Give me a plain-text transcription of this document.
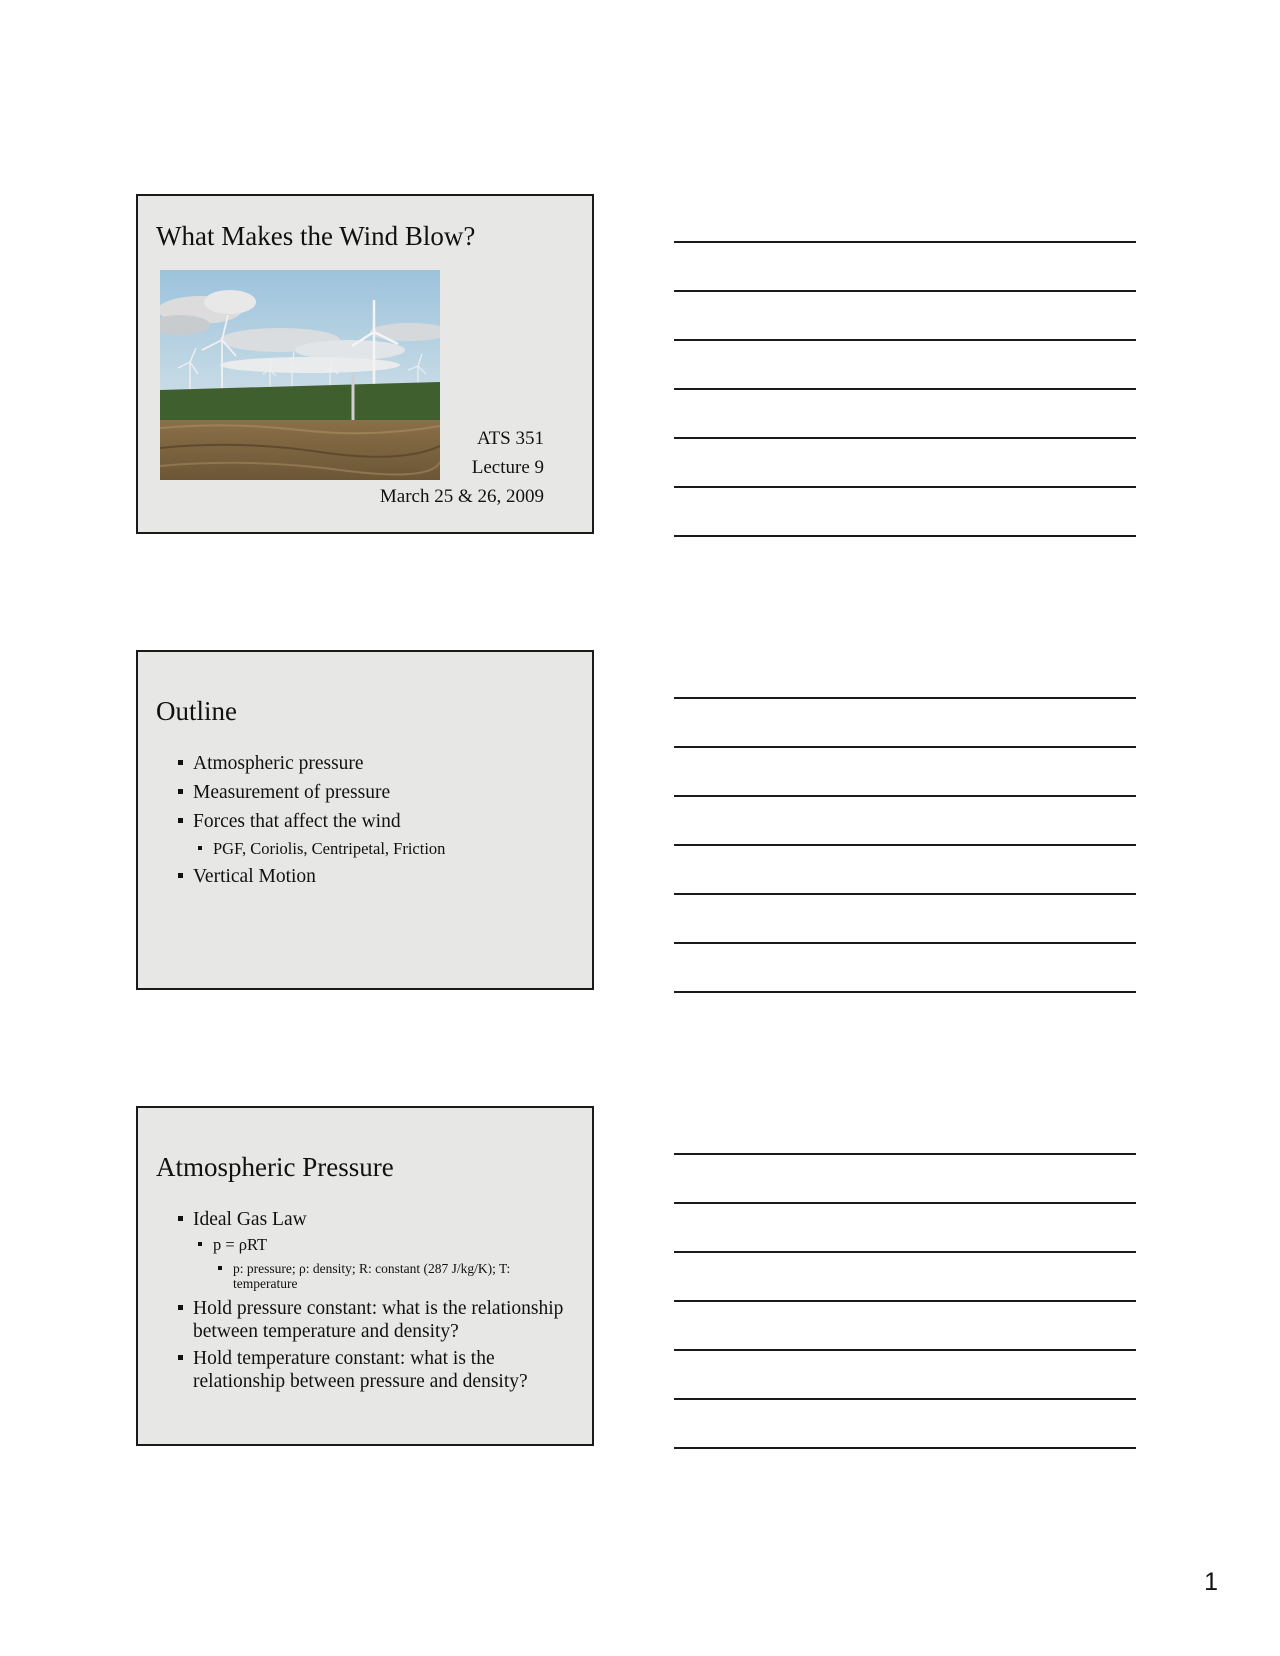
What Makes the Wind Blow?
ATS 351
Lecture 9
March 25 & 26, 2009
Outline
Atmospheric pressure
Measurement of pressure
Forces that affect the wind
PGF, Coriolis, Centripetal, Friction
Vertical Motion
Atmospheric Pressure
Ideal Gas Law
p = ρRT
p: pressure; ρ: density; R: constant (287 J/kg/K); T: temperature
Hold pressure constant: what is the relationship between temperature and density?
Hold temperature constant: what is the relationship between pressure and density?
1
